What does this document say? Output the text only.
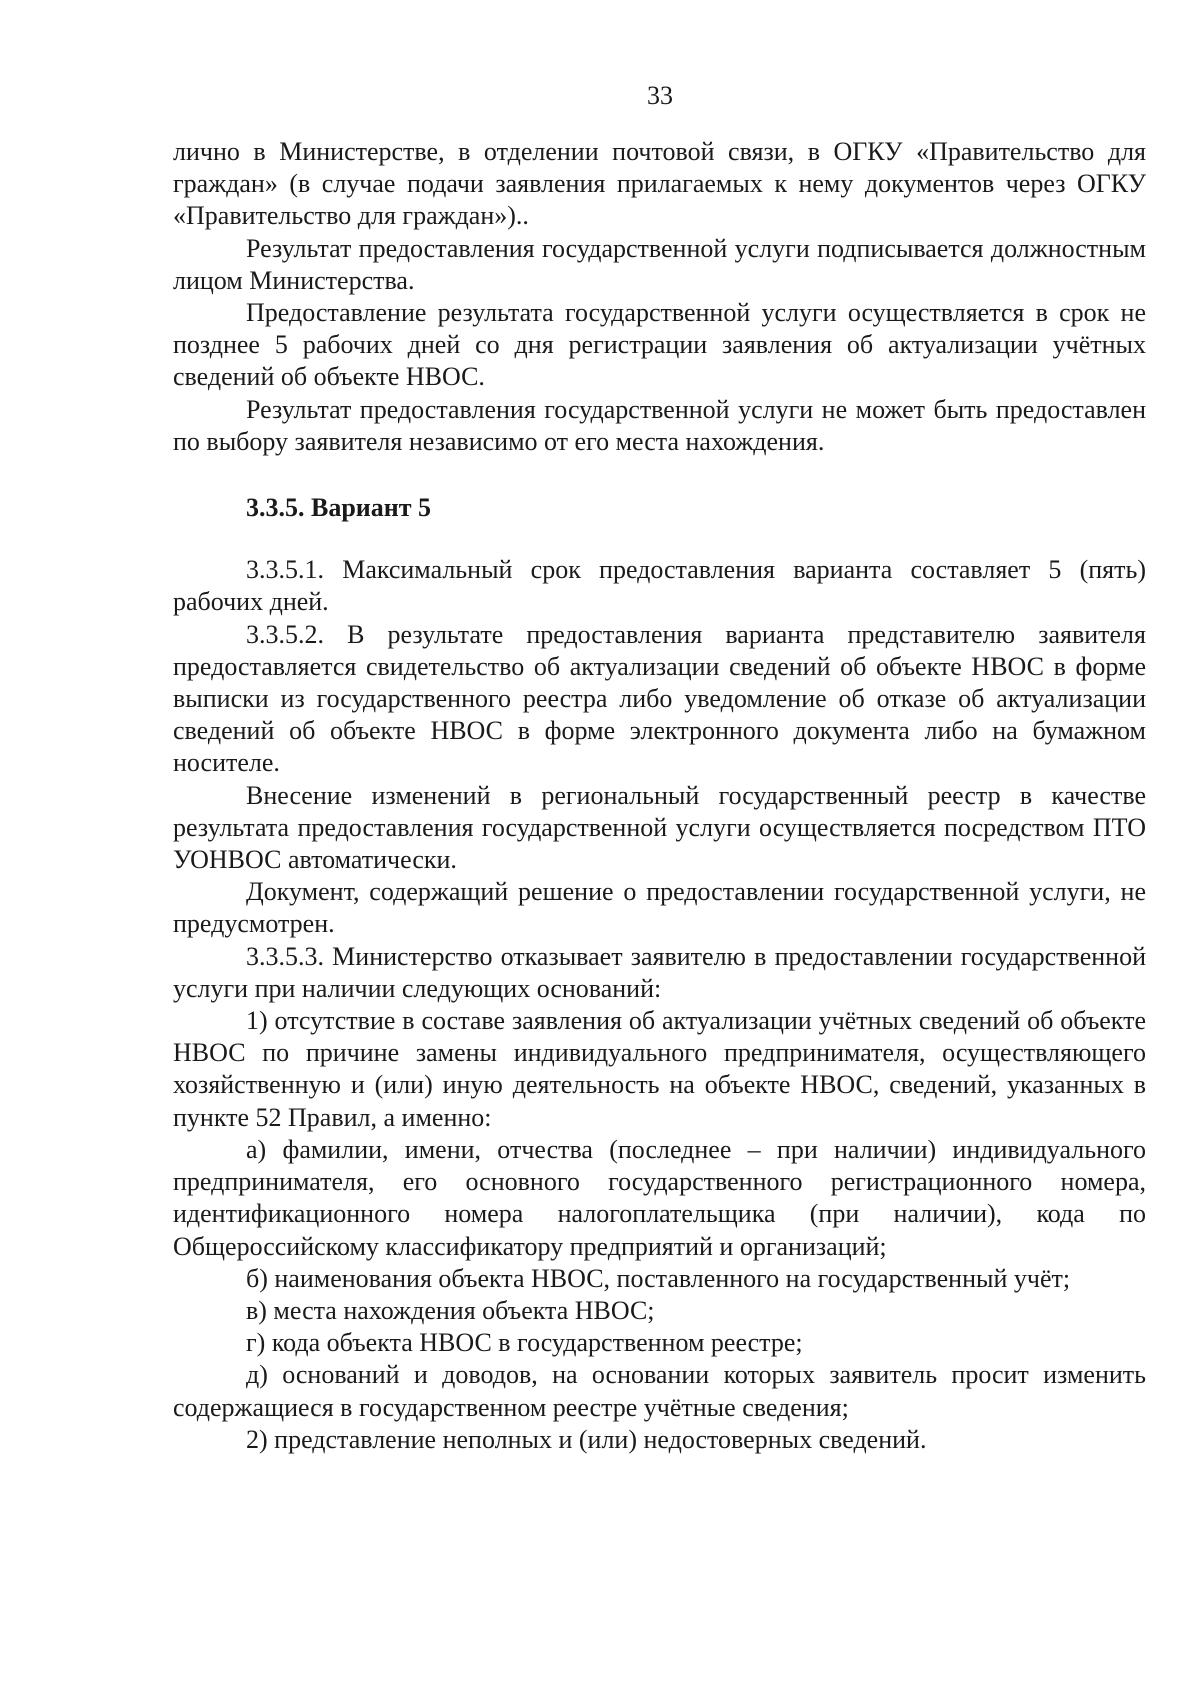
33

лично в Министерстве, в отделении почтовой связи, в ОГКУ «Правительство для граждан» (в случае подачи заявления прилагаемых к нему документов через ОГКУ «Правительство для граждан»)..

Результат предоставления государственной услуги подписывается должностным лицом Министерства.

Предоставление результата государственной услуги осуществляется в срок не позднее 5 рабочих дней со дня регистрации заявления об актуализации учётных сведений об объекте НВОС.

Результат предоставления государственной услуги не может быть предоставлен по выбору заявителя независимо от его места нахождения.

3.3.5. Вариант 5

3.3.5.1. Максимальный срок предоставления варианта составляет 5 (пять) рабочих дней.

3.3.5.2. В результате предоставления варианта представителю заявителя предоставляется свидетельство об актуализации сведений об объекте НВОС в форме выписки из государственного реестра либо уведомление об отказе об актуализации сведений об объекте НВОС в форме электронного документа либо на бумажном носителе.

Внесение изменений в региональный государственный реестр в качестве результата предоставления государственной услуги осуществляется посредством ПТО УОНВОС автоматически.

Документ, содержащий решение о предоставлении государственной услуги, не предусмотрен.

3.3.5.3. Министерство отказывает заявителю в предоставлении государственной услуги при наличии следующих оснований:

1) отсутствие в составе заявления об актуализации учётных сведений об объекте НВОС по причине замены индивидуального предпринимателя, осуществляющего хозяйственную и (или) иную деятельность на объекте НВОС, сведений, указанных в пункте 52 Правил, а именно:

а) фамилии, имени, отчества (последнее – при наличии) индивидуального предпринимателя, его основного государственного регистрационного номера, идентификационного номера налогоплательщика (при наличии), кода по Общероссийскому классификатору предприятий и организаций;

б) наименования объекта НВОС, поставленного на государственный учёт;

в) места нахождения объекта НВОС;

г) кода объекта НВОС в государственном реестре;

д) оснований и доводов, на основании которых заявитель просит изменить содержащиеся в государственном реестре учётные сведения;

2) представление неполных и (или) недостоверных сведений.
